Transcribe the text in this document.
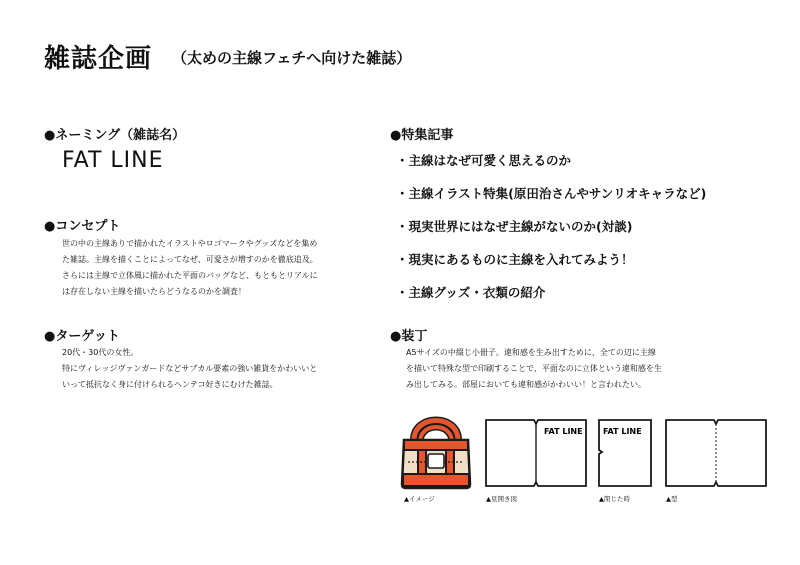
雑誌企画 （太めの主線フェチへ向けた雑誌）
●ネーミング（雑誌名）
FAT LINE
●コンセプト
世の中の主線ありで描かれたイラストやロゴマークやグッズなどを集め
た雑誌。主線を描くことによってなぜ、可愛さが増すのかを徹底追及。
さらには主線で立体風に描かれた平面のバッグなど、もともとリアルに
は存在しない主線を描いたらどうなるのかを調査！
●ターゲット
20代・30代の女性。
特にヴィレッジヴァンガードなどサブカル要素の強い雑貨をかわいいと
いって抵抗なく身に付けられるヘンテコ好きにむけた雑誌。
●特集記事
・主線はなぜ可愛く思えるのか
・主線イラスト特集(原田治さんやサンリオキャラなど)
・現実世界にはなぜ主線がないのか(対談)
・現実にあるものに主線を入れてみよう！
・主線グッズ・衣類の紹介
●装丁
A5サイズの中綴じ小冊子。違和感を生み出すために、全ての辺に主線
を描いて特殊な型で印刷することで、平面なのに立体という違和感を生
み出してみる。部屋においても違和感がかわいい！と言われたい。
FAT LINE	FAT LINE
▲イメージ	▲見開き図	▲閉じた時	▲型
